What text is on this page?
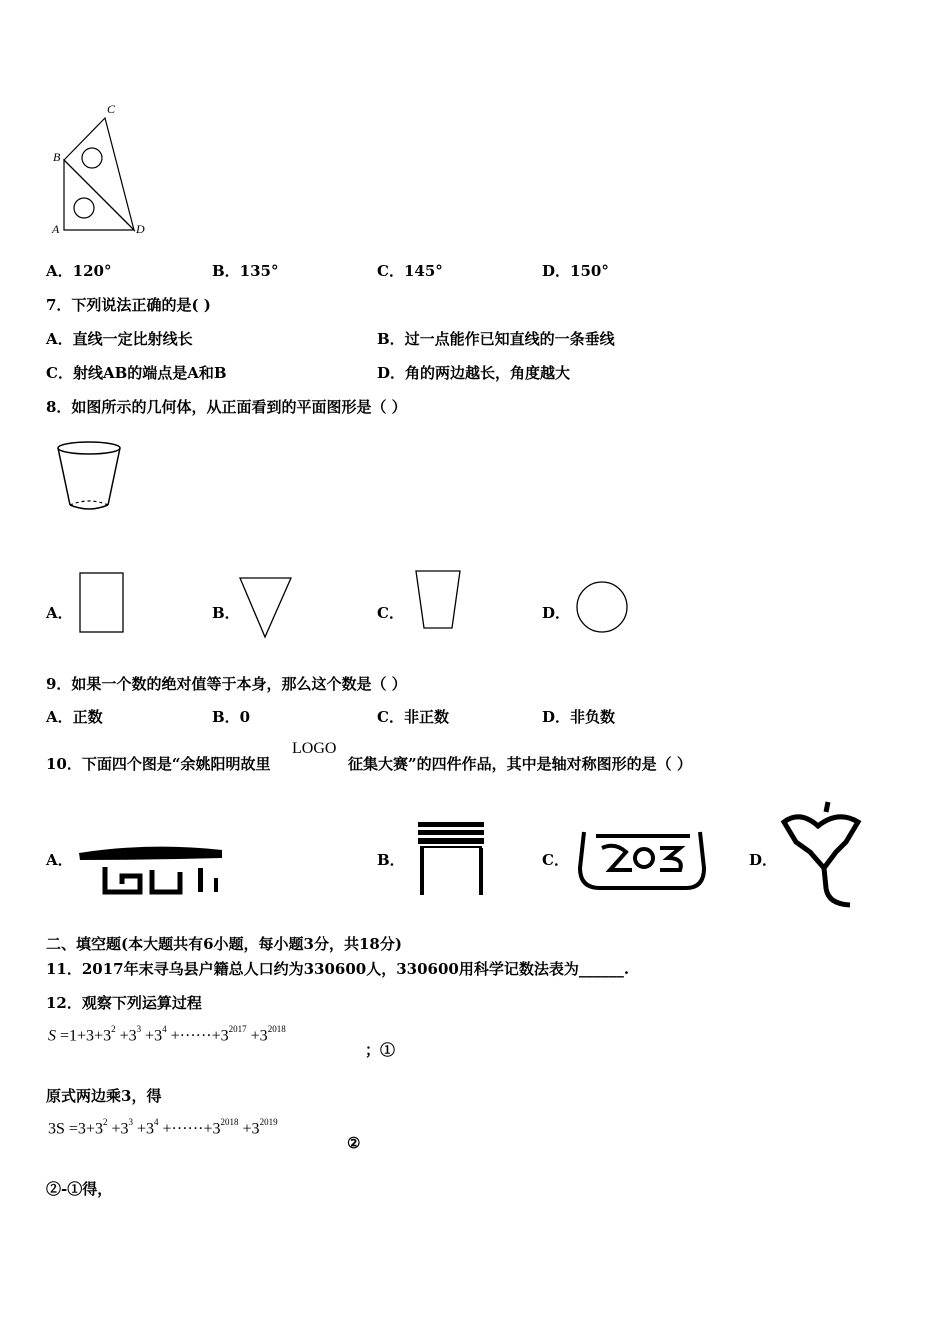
C
B
A	D
A．120°	B．135°	C．145°	D．150°
7．下列说法正确的是( )
A．直线一定比射线长	B．过一点能作已知直线的一条垂线
C．射线AB的端点是A和B	D．角的两边越长，角度越大
8．如图所示的几何体，从正面看到的平面图形是（ ）
A．	B．	C．	D．
9．如果一个数的绝对值等于本身，那么这个数是（ ）
A．正数	B．0	C．非正数	D．非负数
10．下面四个图是“余姚阳明故里
LOGO
征集大赛”的四件作品，其中是轴对称图形的是（ ）
A．	B．	C．	D．
二、填空题(本大题共有6小题，每小题3分，共18分)
11．2017年末寻乌县户籍总人口约为330600人，330600用科学记数法表为______.
12．观察下列运算过程
$S =1+3+3^2 +3^3 +3^4 +\cdot\cdot\cdot\cdot\cdot\cdot+3^{2017} +3^{2018}$
；①
原式两边乘3，得
$3S =3+3^2 +3^3 +3^4 +\cdot\cdot\cdot\cdot\cdot\cdot+3^{2018} +3^{2019}$
②
②-①得，
